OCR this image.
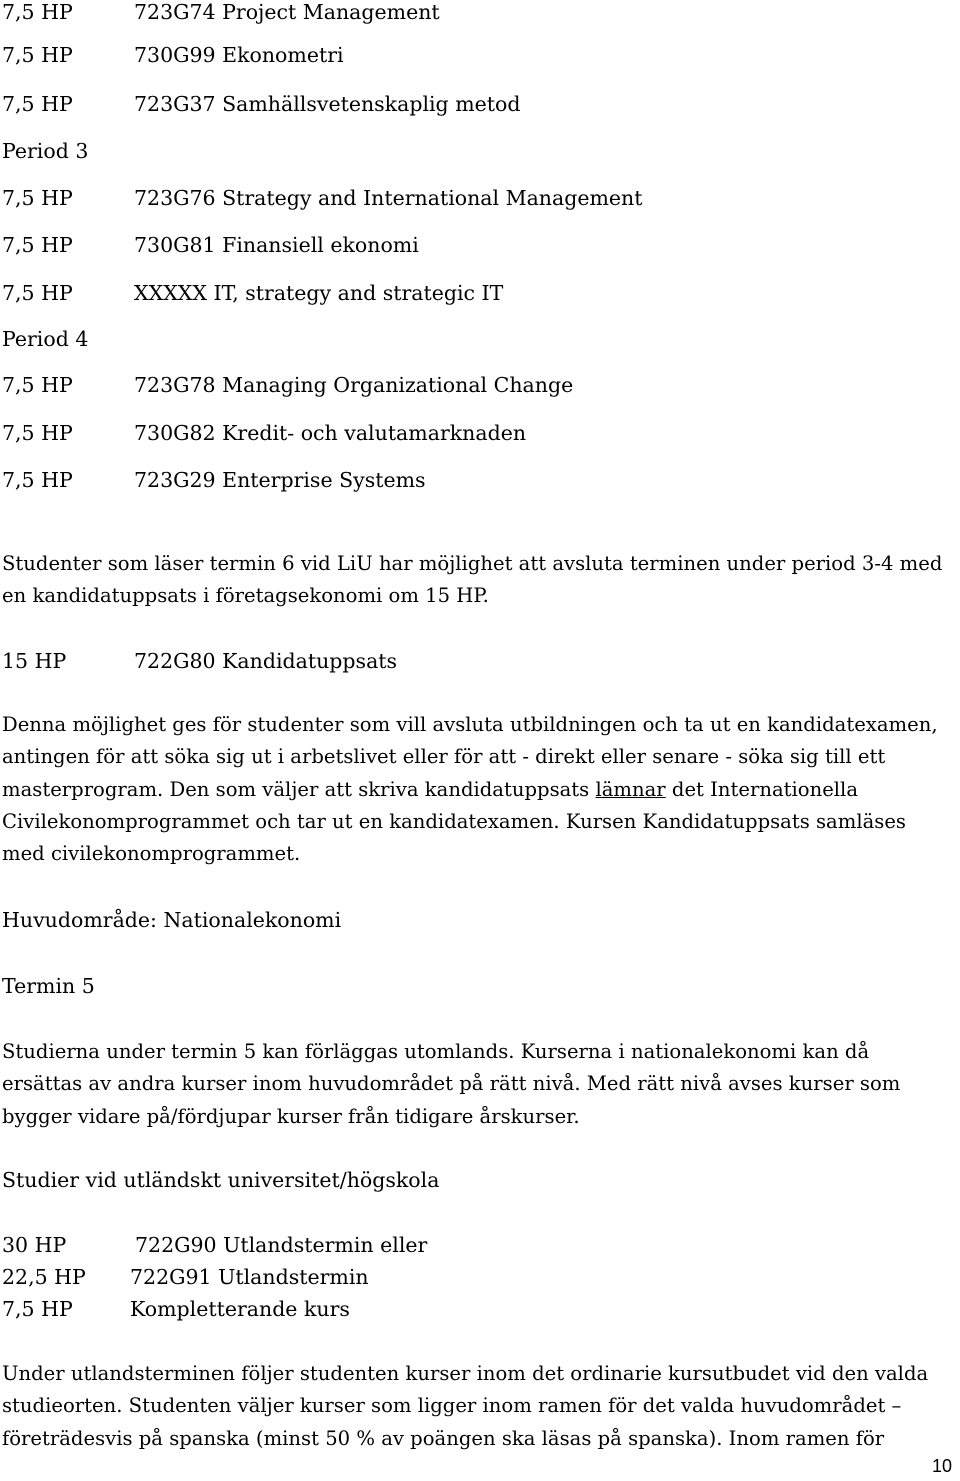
7,5 HP	723G74 Project Management
7,5 HP	730G99 Ekonometri
7,5 HP	723G37 Samhällsvetenskaplig metod
Period 3
7,5 HP	723G76 Strategy and International Management
7,5 HP	730G81 Finansiell ekonomi
7,5 HP	XXXXX IT, strategy and strategic IT
Period 4
7,5 HP	723G78 Managing Organizational Change
7,5 HP	730G82 Kredit- och valutamarknaden
7,5 HP	723G29 Enterprise Systems

Studenter som läser termin 6 vid LiU har möjlighet att avsluta terminen under period 3-4 med en kandidatuppsats i företagsekonomi om 15 HP.

15 HP	722G80 Kandidatuppsats

Denna möjlighet ges för studenter som vill avsluta utbildningen och ta ut en kandidatexamen, antingen för att söka sig ut i arbetslivet eller för att - direkt eller senare - söka sig till ett masterprogram. Den som väljer att skriva kandidatuppsats lämnar det Internationella Civilekonomprogrammet och tar ut en kandidatexamen. Kursen Kandidatuppsats samläses med civilekonomprogrammet.

Huvudområde: Nationalekonomi
Termin 5

Studierna under termin 5 kan förläggas utomlands. Kurserna i nationalekonomi kan då ersättas av andra kurser inom huvudområdet på rätt nivå. Med rätt nivå avses kurser som bygger vidare på/fördjupar kurser från tidigare årskurser.

Studier vid utländskt universitet/högskola
30 HP	722G90 Utlandstermin eller
22,5 HP 722G91 Utlandstermin
7,5 HP	Kompletterande kurs

Under utlandsterminen följer studenten kurser inom det ordinarie kursutbudet vid den valda studieorten. Studenten väljer kurser som ligger inom ramen för det valda huvudområdet – företrädesvis på spanska (minst 50 % av poängen ska läsas på spanska). Inom ramen för

10
